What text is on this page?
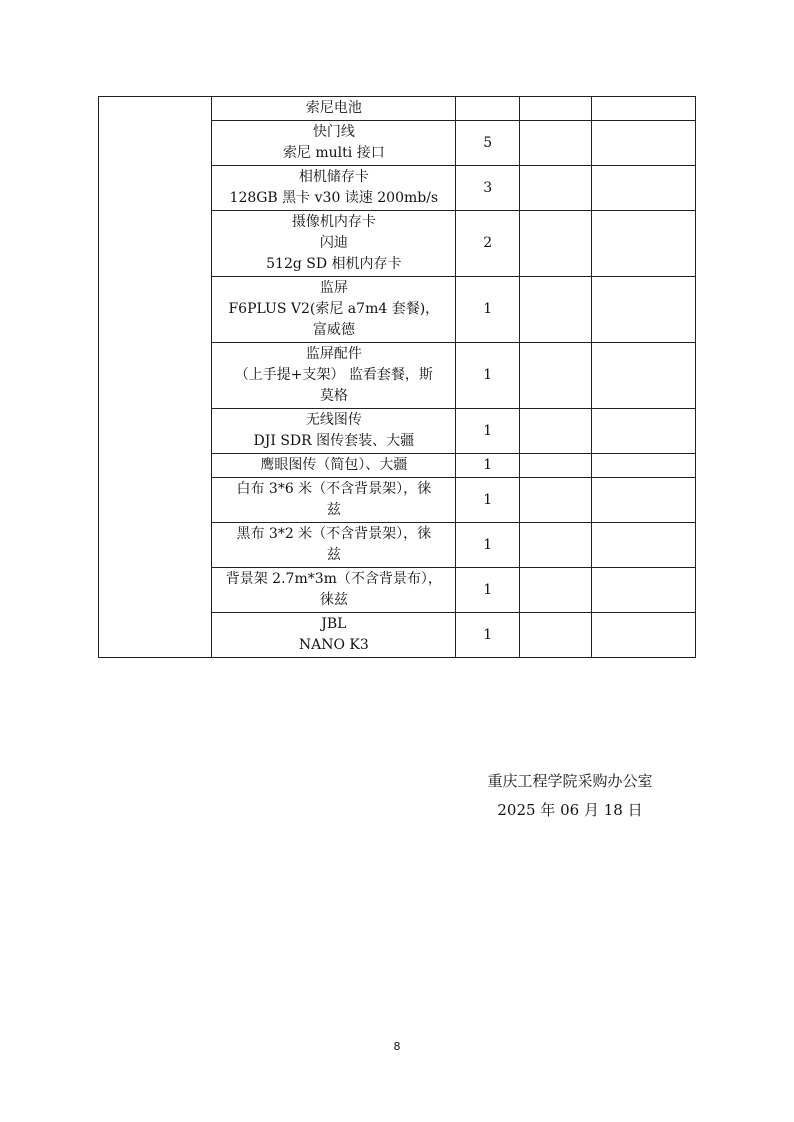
	索尼电池			

	快门线
索尼 multi 接口	5		

	相机储存卡
128GB 黑卡 v30 读速 200mb/s	3		

	摄像机内存卡
闪迪
512g SD 相机内存卡	2		

	监屏
F6PLUS V2(索尼 a7m4 套餐)，
富威德	1		

	监屏配件
（上手提+支架） 监看套餐，斯
莫格	1		

	无线图传
DJI SDR 图传套装、大疆	1		

	鹰眼图传（简包）、大疆	1		

	白布 3*6 米（不含背景架），徕
兹	1		

	黑布 3*2 米（不含背景架），徕
兹	1		

	背景架 2.7m*3m（不含背景布），
徕兹	1		

	JBL
NANO K3	1		
重庆工程学院采购办公室
2025 年 06 月 18 日
8
